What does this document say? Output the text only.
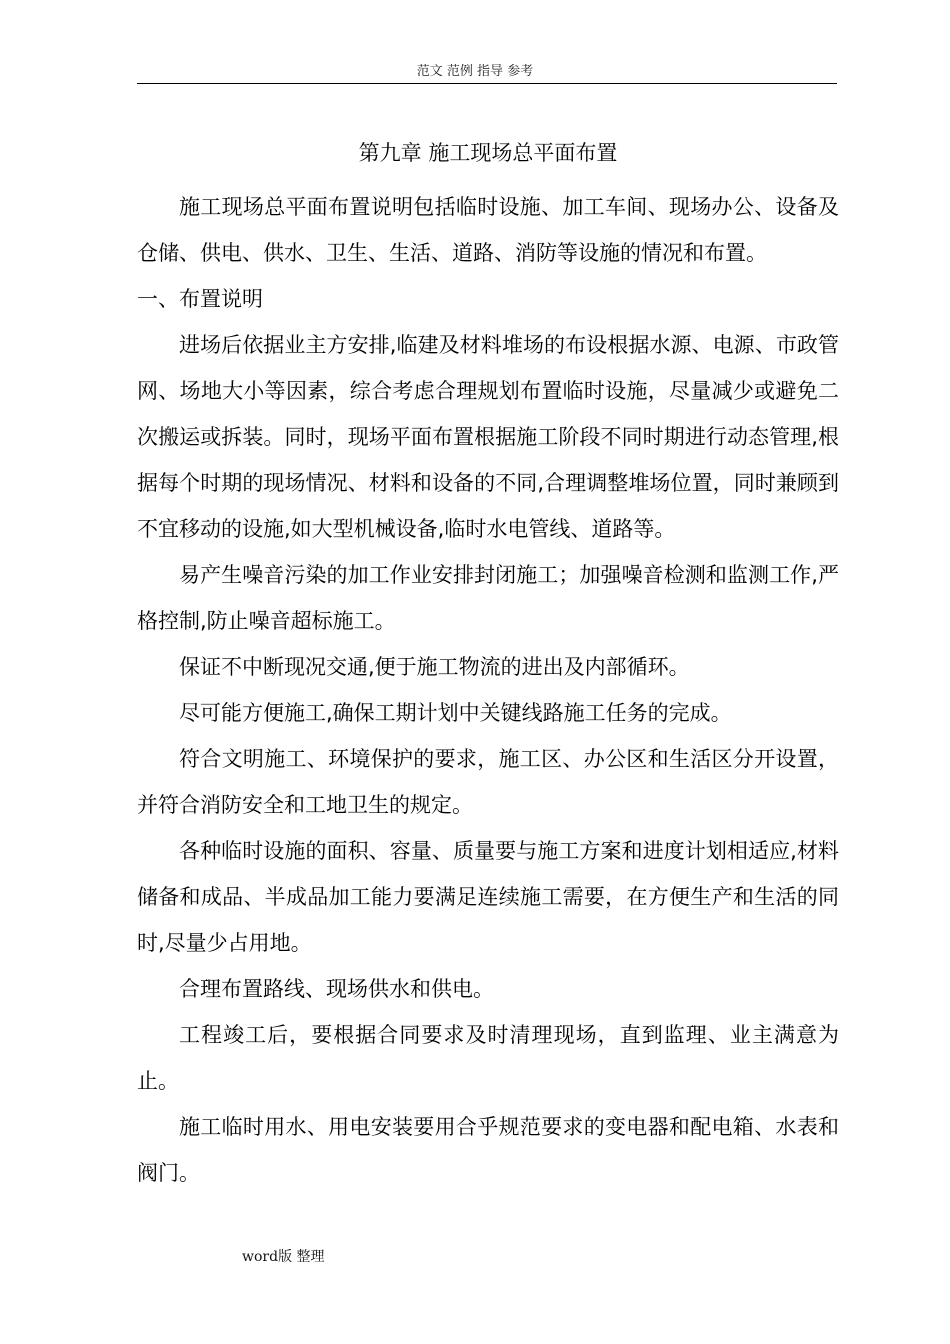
范文 范例 指导 参考
第九章 施工现场总平面布置

施工现场总平面布置说明包括临时设施、加工车间、现场办公、设备及仓储、供电、供水、卫生、生活、道路、消防等设施的情况和布置。

一、布置说明

进场后依据业主方安排,临建及材料堆场的布设根据水源、电源、市政管网、场地大小等因素，综合考虑合理规划布置临时设施，尽量减少或避免二次搬运或拆装。同时，现场平面布置根据施工阶段不同时期进行动态管理,根据每个时期的现场情况、材料和设备的不同,合理调整堆场位置，同时兼顾到不宜移动的设施,如大型机械设备,临时水电管线、道路等。

易产生噪音污染的加工作业安排封闭施工；加强噪音检测和监测工作,严格控制,防止噪音超标施工。

保证不中断现况交通,便于施工物流的进出及内部循环。

尽可能方便施工,确保工期计划中关键线路施工任务的完成。

符合文明施工、环境保护的要求，施工区、办公区和生活区分开设置，并符合消防安全和工地卫生的规定。

各种临时设施的面积、容量、质量要与施工方案和进度计划相适应,材料储备和成品、半成品加工能力要满足连续施工需要，在方便生产和生活的同时,尽量少占用地。

合理布置路线、现场供水和供电。

工程竣工后，要根据合同要求及时清理现场，直到监理、业主满意为止。

施工临时用水、用电安装要用合乎规范要求的变电器和配电箱、水表和阀门。

word版 整理
